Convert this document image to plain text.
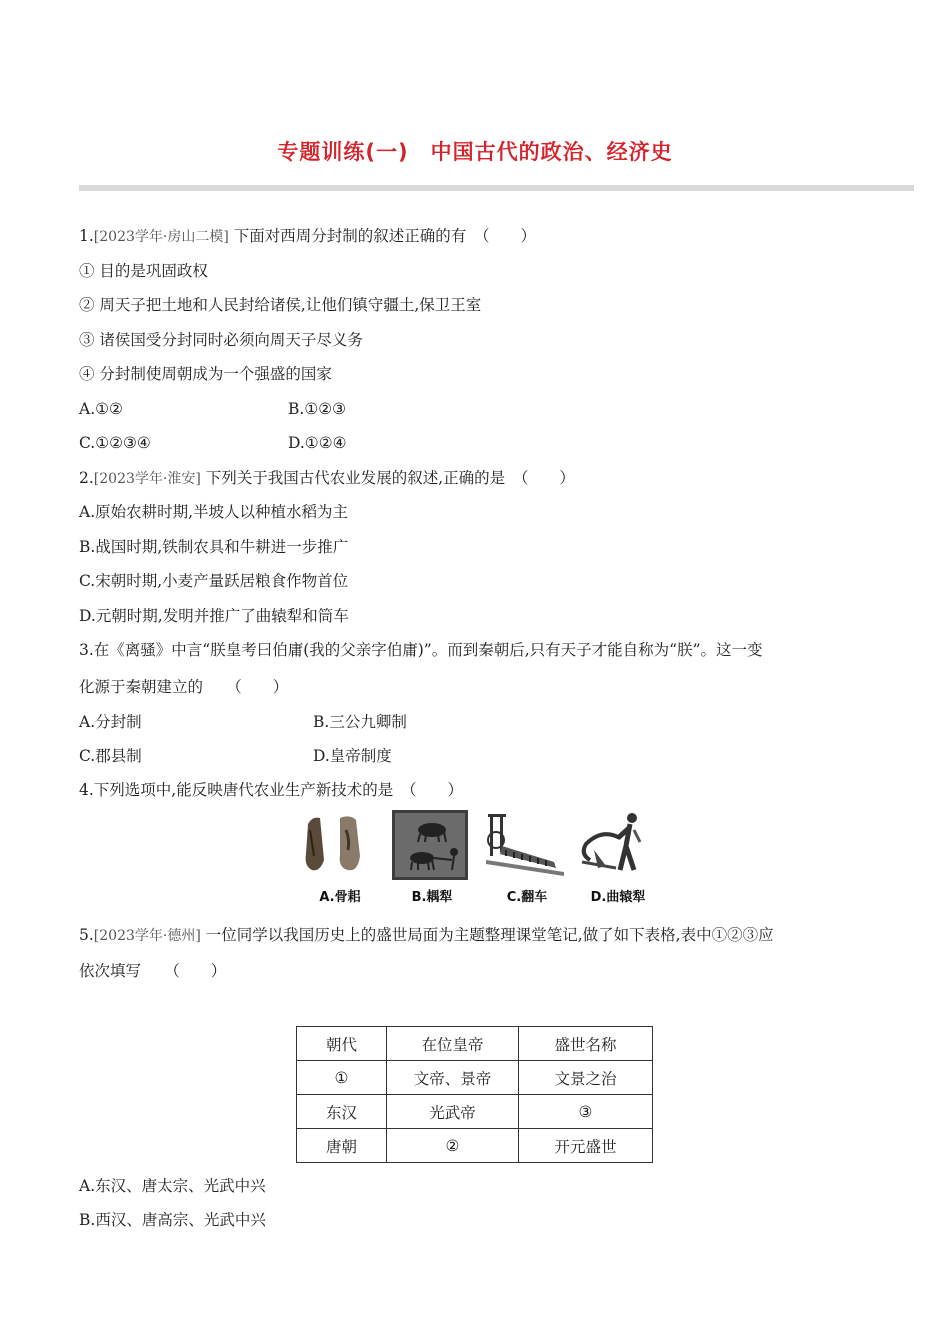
专题训练(一)　中国古代的政治、经济史
1.[2023学年·房山二模] 下面对西周分封制的叙述正确的有　（　　）
① 目的是巩固政权
② 周天子把土地和人民封给诸侯,让他们镇守疆土,保卫王室
③ 诸侯国受分封同时必须向周天子尽义务
④ 分封制使周朝成为一个强盛的国家
A.①②	B.①②③
C.①②③④	D.①②④
2.[2023学年·淮安] 下列关于我国古代农业发展的叙述,正确的是　（　　）
A.原始农耕时期,半坡人以种植水稻为主
B.战国时期,铁制农具和牛耕进一步推广
C.宋朝时期,小麦产量跃居粮食作物首位
D.元朝时期,发明并推广了曲辕犁和筒车
3.在《离骚》中言“朕皇考曰伯庸(我的父亲字伯庸)”。而到秦朝后,只有天子才能自称为“朕”。这一变
化源于秦朝建立的　　（　　）
A.分封制	B.三公九卿制
C.郡县制	D.皇帝制度
4.下列选项中,能反映唐代农业生产新技术的是　（　　）
A.骨耜	B.耦犁	C.翻车	D.曲辕犁
5.[2023学年·德州] 一位同学以我国历史上的盛世局面为主题整理课堂笔记,做了如下表格,表中①②③应
依次填写　　（　　）
朝代	在位皇帝	盛世名称
①	文帝、景帝	文景之治
东汉	光武帝	③
唐朝	②	开元盛世
A.东汉、唐太宗、光武中兴
B.西汉、唐高宗、光武中兴
